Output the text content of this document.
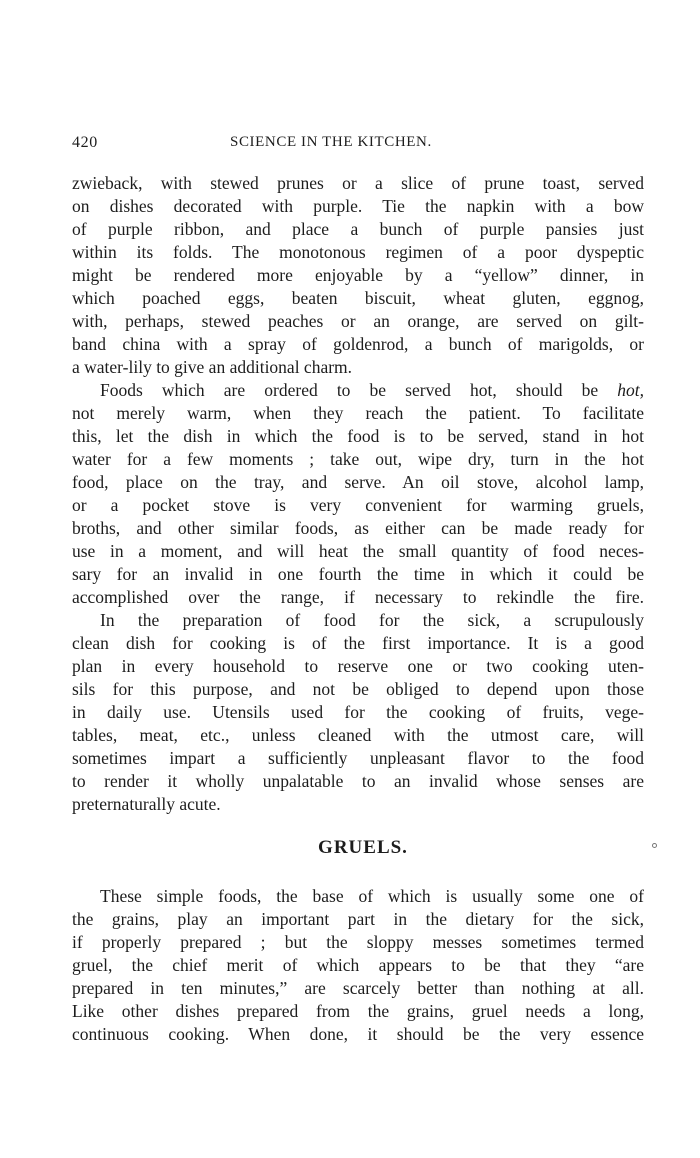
420	SCIENCE IN THE KITCHEN.
zwieback, with stewed prunes or a slice of prune toast, served
on dishes decorated with purple. Tie the napkin with a bow
of purple ribbon, and place a bunch of purple pansies just
within its folds. The monotonous regimen of a poor dyspeptic
might be rendered more enjoyable by a “yellow” dinner, in
which poached eggs, beaten biscuit, wheat gluten, eggnog,
with, perhaps, stewed peaches or an orange, are served on gilt-
band china with a spray of goldenrod, a bunch of marigolds, or
a water-lily to give an additional charm.
Foods which are ordered to be served hot, should be hot,
not merely warm, when they reach the patient. To facilitate
this, let the dish in which the food is to be served, stand in hot
water for a few moments ; take out, wipe dry, turn in the hot
food, place on the tray, and serve. An oil stove, alcohol lamp,
or a pocket stove is very convenient for warming gruels,
broths, and other similar foods, as either can be made ready for
use in a moment, and will heat the small quantity of food neces-
sary for an invalid in one fourth the time in which it could be
accomplished over the range, if necessary to rekindle the fire.
In the preparation of food for the sick, a scrupulously
clean dish for cooking is of the first importance. It is a good
plan in every household to reserve one or two cooking uten-
sils for this purpose, and not be obliged to depend upon those
in daily use. Utensils used for the cooking of fruits, vege-
tables, meat, etc., unless cleaned with the utmost care, will
sometimes impart a sufficiently unpleasant flavor to the food
to render it wholly unpalatable to an invalid whose senses are
preternaturally acute.
GRUELS.
These simple foods, the base of which is usually some one of
the grains, play an important part in the dietary for the sick,
if properly prepared ; but the sloppy messes sometimes termed
gruel, the chief merit of which appears to be that they “are
prepared in ten minutes,” are scarcely better than nothing at all.
Like other dishes prepared from the grains, gruel needs a long,
continuous cooking. When done, it should be the very essence
